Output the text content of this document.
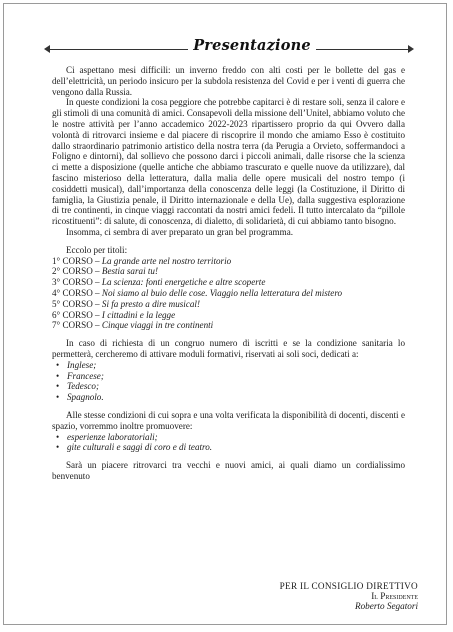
Presentazione

Ci aspettano mesi difficili: un inverno freddo con alti costi per le bollette del gas e dell’elettricità, un periodo insicuro per la subdola resistenza del Covid e per i venti di guerra che vengono dalla Russia.

In queste condizioni la cosa peggiore che potrebbe capitarci è di restare soli, senza il calore e gli stimoli di una comunità di amici. Consapevoli della missione dell’Unitel, abbiamo voluto che le nostre attività per l’anno accademico 2022-2023 ripartissero proprio da qui Ovvero dalla volontà di ritrovarci insieme e dal piacere di riscoprire il mondo che amiamo Esso è costituito dallo straordinario patrimonio artistico della nostra terra (da Perugia a Orvieto, soffermandoci a Foligno e dintorni), dal sollievo che possono darci i piccoli animali, dalle risorse che la scienza ci mette a disposizione (quelle antiche che abbiamo trascurato e quelle nuove da utilizzare), dal fascino misterioso della letteratura, dalla malia delle opere musicali del nostro tempo (i cosiddetti musical), dall’importanza della conoscenza delle leggi (la Costituzione, il Diritto di famiglia, la Giustizia penale, il Diritto internazionale e della Ue), dalla suggestiva esplorazione di tre continenti, in cinque viaggi raccontati da nostri amici fedeli. Il tutto intercalato da “pillole ricostituenti”: di salute, di conoscenza, di dialetto, di solidarietà, di cui abbiamo tanto bisogno.

Insomma, ci sembra di aver preparato un gran bel programma.

Eccolo per titoli:

1° CORSO – La grande arte nel nostro territorio

2° CORSO – Bestia sarai tu!

3° CORSO – La scienza: fonti energetiche e altre scoperte

4° CORSO – Noi siamo al buio delle cose. Viaggio nella letteratura del mistero

5° CORSO – Si fa presto a dire musical!

6° CORSO – I cittadini e la legge

7° CORSO – Cinque viaggi in tre continenti

In caso di richiesta di un congruo numero di iscritti e se la condizione sanitaria lo permetterà, cercheremo di attivare moduli formativi, riservati ai soli soci, dedicati a:

• Inglese;

• Francese;

• Tedesco;

• Spagnolo.

Alle stesse condizioni di cui sopra e una volta verificata la disponibilità di docenti, discenti e spazio, vorremmo inoltre promuovere:

• esperienze laboratoriali;

• gite culturali e saggi di coro e di teatro.

Sarà un piacere ritrovarci tra vecchi e nuovi amici, ai quali diamo un cordialissimo benvenuto

PER IL CONSIGLIO DIRETTIVO
Il Presidente
Roberto Segatori
